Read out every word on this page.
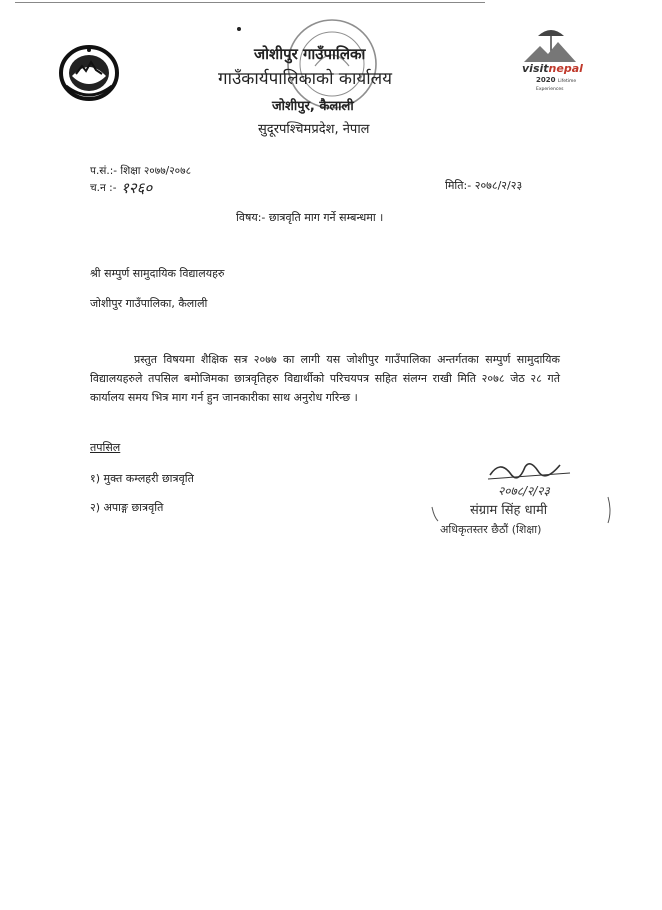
जोशीपुर गाउँपालिका
गाउँकार्यपालिकाको कार्यालय
जोशीपुर, कैलाली
सुदूरपश्चिमप्रदेश, नेपाल
visitnepal
2020 Lifetime Experiences
प.सं.:- शिक्षा २०७७/२०७८
च.न :- १२६०	मिति:- २०७८/२/२३
विषय:- छात्रवृति माग गर्ने सम्बन्धमा ।
श्री सम्पुर्ण सामुदायिक विद्यालयहरु
जोशीपुर गाउँपालिका, कैलाली
प्रस्तुत विषयमा शैक्षिक सत्र २०७७ का लागी यस जोशीपुर गाउँपालिका अन्तर्गतका सम्पुर्ण सामुदायिक विद्यालयहरुले तपसिल बमोजिमका छात्रवृतिहरु विद्यार्थीको परिचयपत्र सहित संलग्न राखी मिति २०७८ जेठ २८ गते कार्यालय समय भित्र माग गर्न हुन जानकारीका साथ अनुरोध गरिन्छ ।
तपसिल
१) मुक्त कम्लहरी छात्रवृति
२) अपाङ्ग छात्रवृति
२०७८/२/२३
संग्राम सिंह धामी
अधिकृतस्तर छैठौं (शिक्षा)
